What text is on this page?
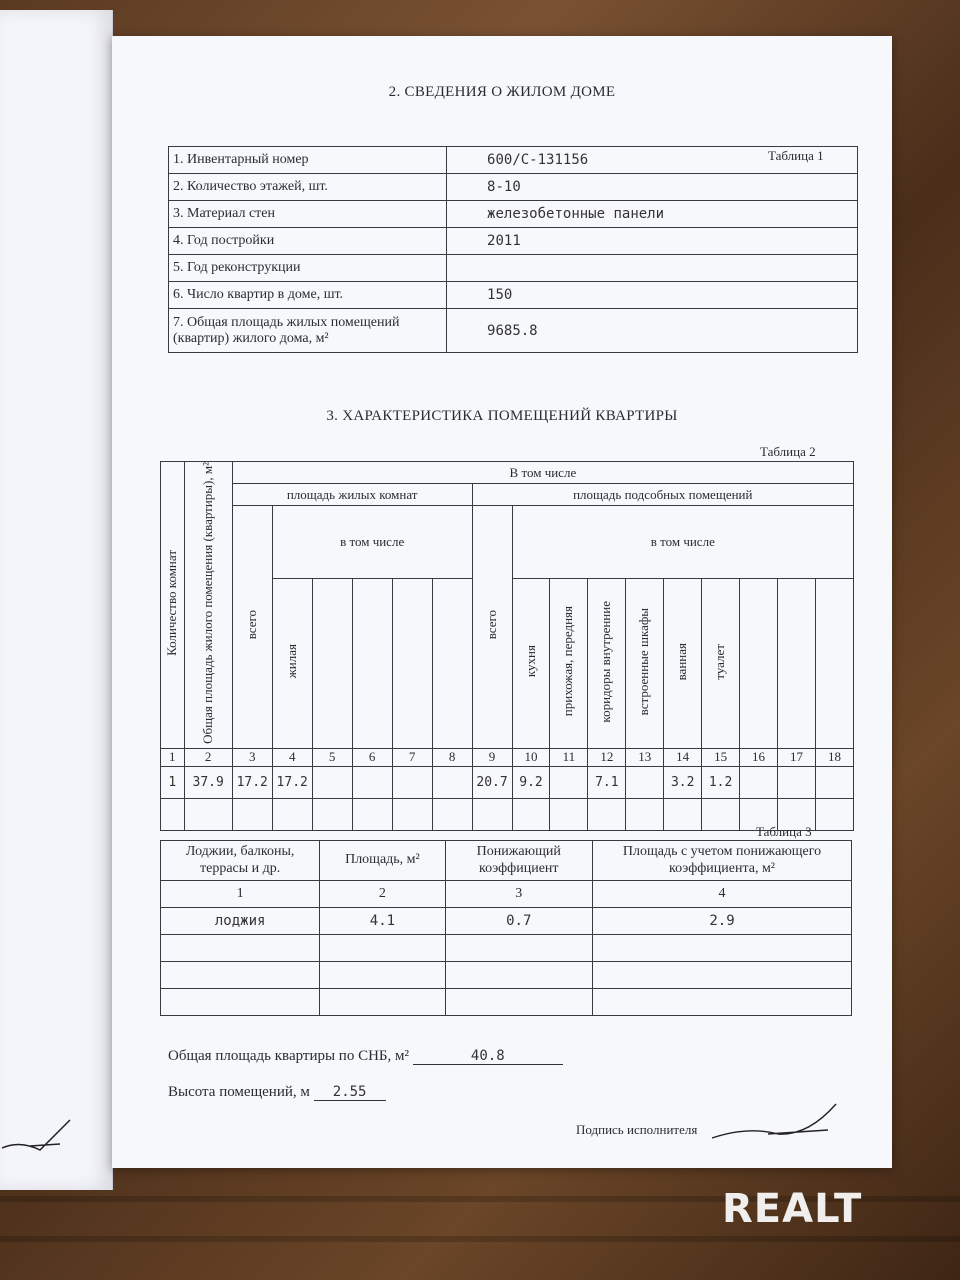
2. СВЕДЕНИЯ О ЖИЛОМ ДОМЕ
Таблица 1
1. Инвентарный номер	600/С-131156
2. Количество этажей, шт.	8-10
3. Материал стен	железобетонные панели
4. Год постройки	2011
5. Год реконструкции	
6. Число квартир в доме, шт.	150
7. Общая площадь жилых помещений (квартир) жилого дома, м²	9685.8
3. ХАРАКТЕРИСТИКА ПОМЕЩЕНИЙ КВАРТИРЫ
Таблица 2
Количество комнат	Общая площадь жилого помещения (квартиры), м²	В том числе															
		площадь жилых комнат						площадь подсобных помещений									
		всего	в том числе					всего	в том числе								
			жилая						кухня	прихожая, передняя	коридоры внутренние	встроенные шкафы	ванная	туалет			
1	2	3	4	5	6	7	8	9	10	11	12	13	14	15	16	17	18
1	37.9	17.2	17.2					20.7	9.2		7.1		3.2	1.2			

Таблица 3
Лоджии, балконы, террасы и др.	Площадь, м²	Понижающий коэффициент	Площадь с учетом понижающего коэффициента, м²
1	2	3	4
лоджия	4.1	0.7	2.9

Общая площадь квартиры по СНБ, м²	40.8
Высота помещений, м 2.55
Подпись исполнителя
REALT
